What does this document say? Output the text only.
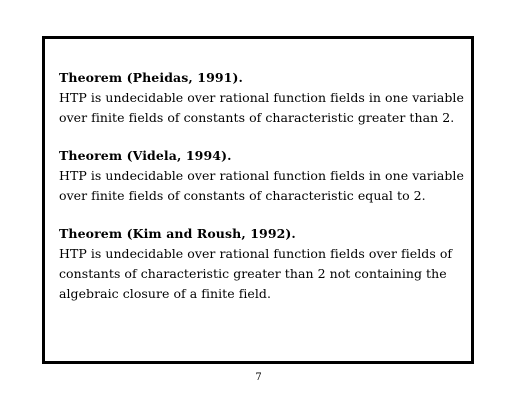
Theorem (Pheidas, 1991).
HTP is undecidable over rational function fields in one variable
over finite fields of constants of characteristic greater than 2.
Theorem (Videla, 1994).
HTP is undecidable over rational function fields in one variable
over finite fields of constants of characteristic equal to 2.
Theorem (Kim and Roush, 1992).
HTP is undecidable over rational function fields over fields of
constants of characteristic greater than 2 not containing the
algebraic closure of a finite field.
7
